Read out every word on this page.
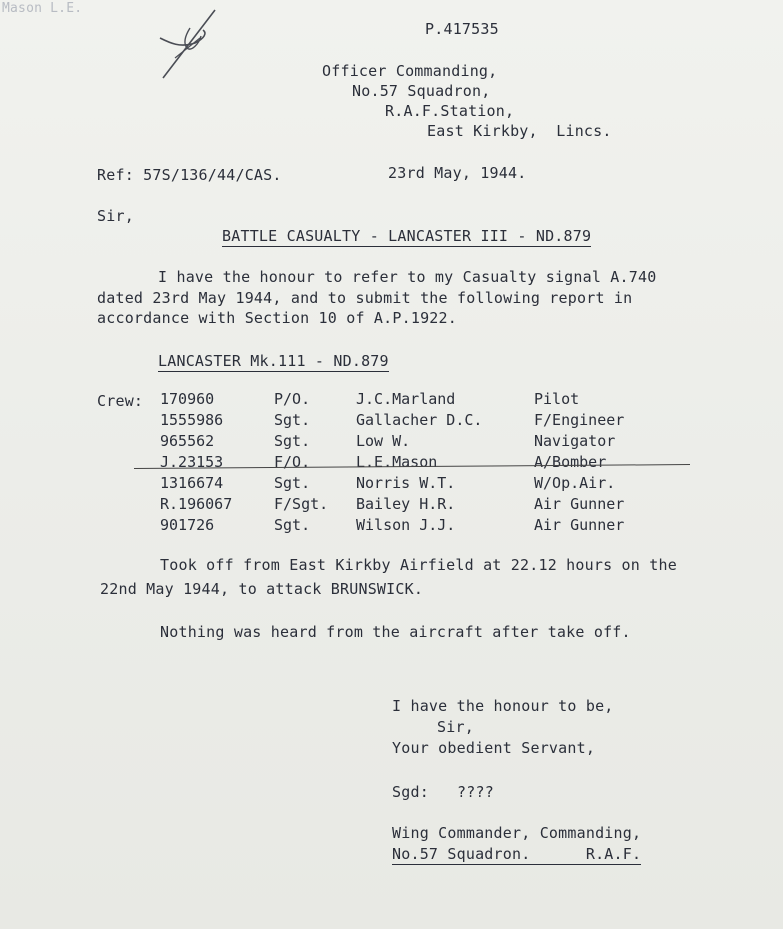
Mason L.E.
P.417535
Officer Commanding,
No.57 Squadron,
R.A.F.Station,
East Kirkby,  Lincs.
Ref: 57S/136/44/CAS.	23rd May, 1944.
Sir,
BATTLE CASUALTY - LANCASTER III - ND.879
I have the honour to refer to my Casualty signal A.740
dated 23rd May 1944, and to submit the following report in
accordance with Section 10 of A.P.1922.
LANCASTER Mk.111 - ND.879
Crew: 170960	P/O.	J.C.Marland	Pilot
1555986	Sgt.	Gallacher D.C.	F/Engineer
965562	Sgt.	Low W.	Navigator
J.23153	F/O.	L.E.Mason	A/Bomber
1316674	Sgt.	Norris W.T.	W/Op.Air.
R.196067	F/Sgt.	Bailey H.R.	Air Gunner
901726	Sgt.	Wilson J.J.	Air Gunner
Took off from East Kirkby Airfield at 22.12 hours on the
22nd May 1944, to attack BRUNSWICK.
Nothing was heard from the aircraft after take off.
I have the honour to be,
Sir,
Your obedient Servant,
Sgd: ????
Wing Commander, Commanding,
No.57 Squadron.      R.A.F.
